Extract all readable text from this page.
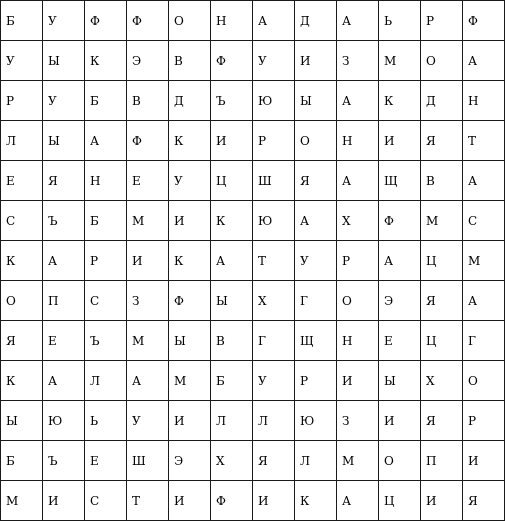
Б	У	Ф	Ф	О	Н	А	Д	А	Ь	Р	Ф
У	Ы	К	Э	В	Ф	У	И	З	М	О	А
Р	У	Б	В	Д	Ъ	Ю	Ы	А	К	Д	Н
Л	Ы	А	Ф	К	И	Р	О	Н	И	Я	Т
Е	Я	Н	Е	У	Ц	Ш	Я	А	Щ	В	А
С	Ъ	Б	М	И	К	Ю	А	Х	Ф	М	С
К	А	Р	И	К	А	Т	У	Р	А	Ц	М
О	П	С	З	Ф	Ы	Х	Г	О	Э	Я	А
Я	Е	Ъ	М	Ы	В	Г	Щ	Н	Е	Ц	Г
К	А	Л	А	М	Б	У	Р	И	Ы	Х	О
Ы	Ю	Ь	У	И	Л	Л	Ю	З	И	Я	Р
Б	Ъ	Е	Ш	Э	Х	Я	Л	М	О	П	И
М	И	С	Т	И	Ф	И	К	А	Ц	И	Я
